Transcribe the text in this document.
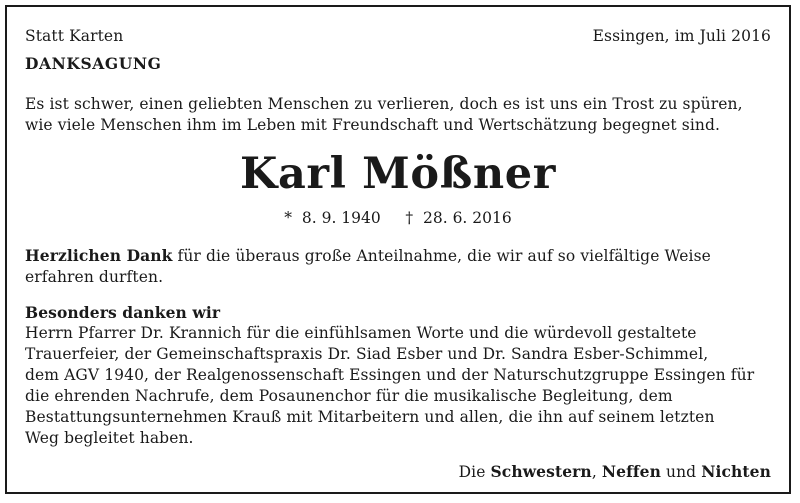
Statt Karten	Essingen, im Juli 2016
DANKSAGUNG
Es ist schwer, einen geliebten Menschen zu verlieren, doch es ist uns ein Trost zu spüren,
wie viele Menschen ihm im Leben mit Freundschaft und Wertschätzung begegnet sind.
Karl Mößner
*  8. 9. 1940 †  28. 6. 2016
Herzlichen Dank für die überaus große Anteilnahme, die wir auf so vielfältige Weise
erfahren durften.
Besonders danken wir
Herrn Pfarrer Dr. Krannich für die einfühlsamen Worte und die würdevoll gestaltete
Trauerfeier, der Gemeinschaftspraxis Dr. Siad Esber und Dr. Sandra Esber-Schimmel,
dem AGV 1940, der Realgenossenschaft Essingen und der Naturschutzgruppe Essingen für
die ehrenden Nachrufe, dem Posaunenchor für die musikalische Begleitung, dem
Bestattungsunternehmen Krauß mit Mitarbeitern und allen, die ihn auf seinem letzten
Weg begleitet haben.
Die Schwestern, Neffen und Nichten
